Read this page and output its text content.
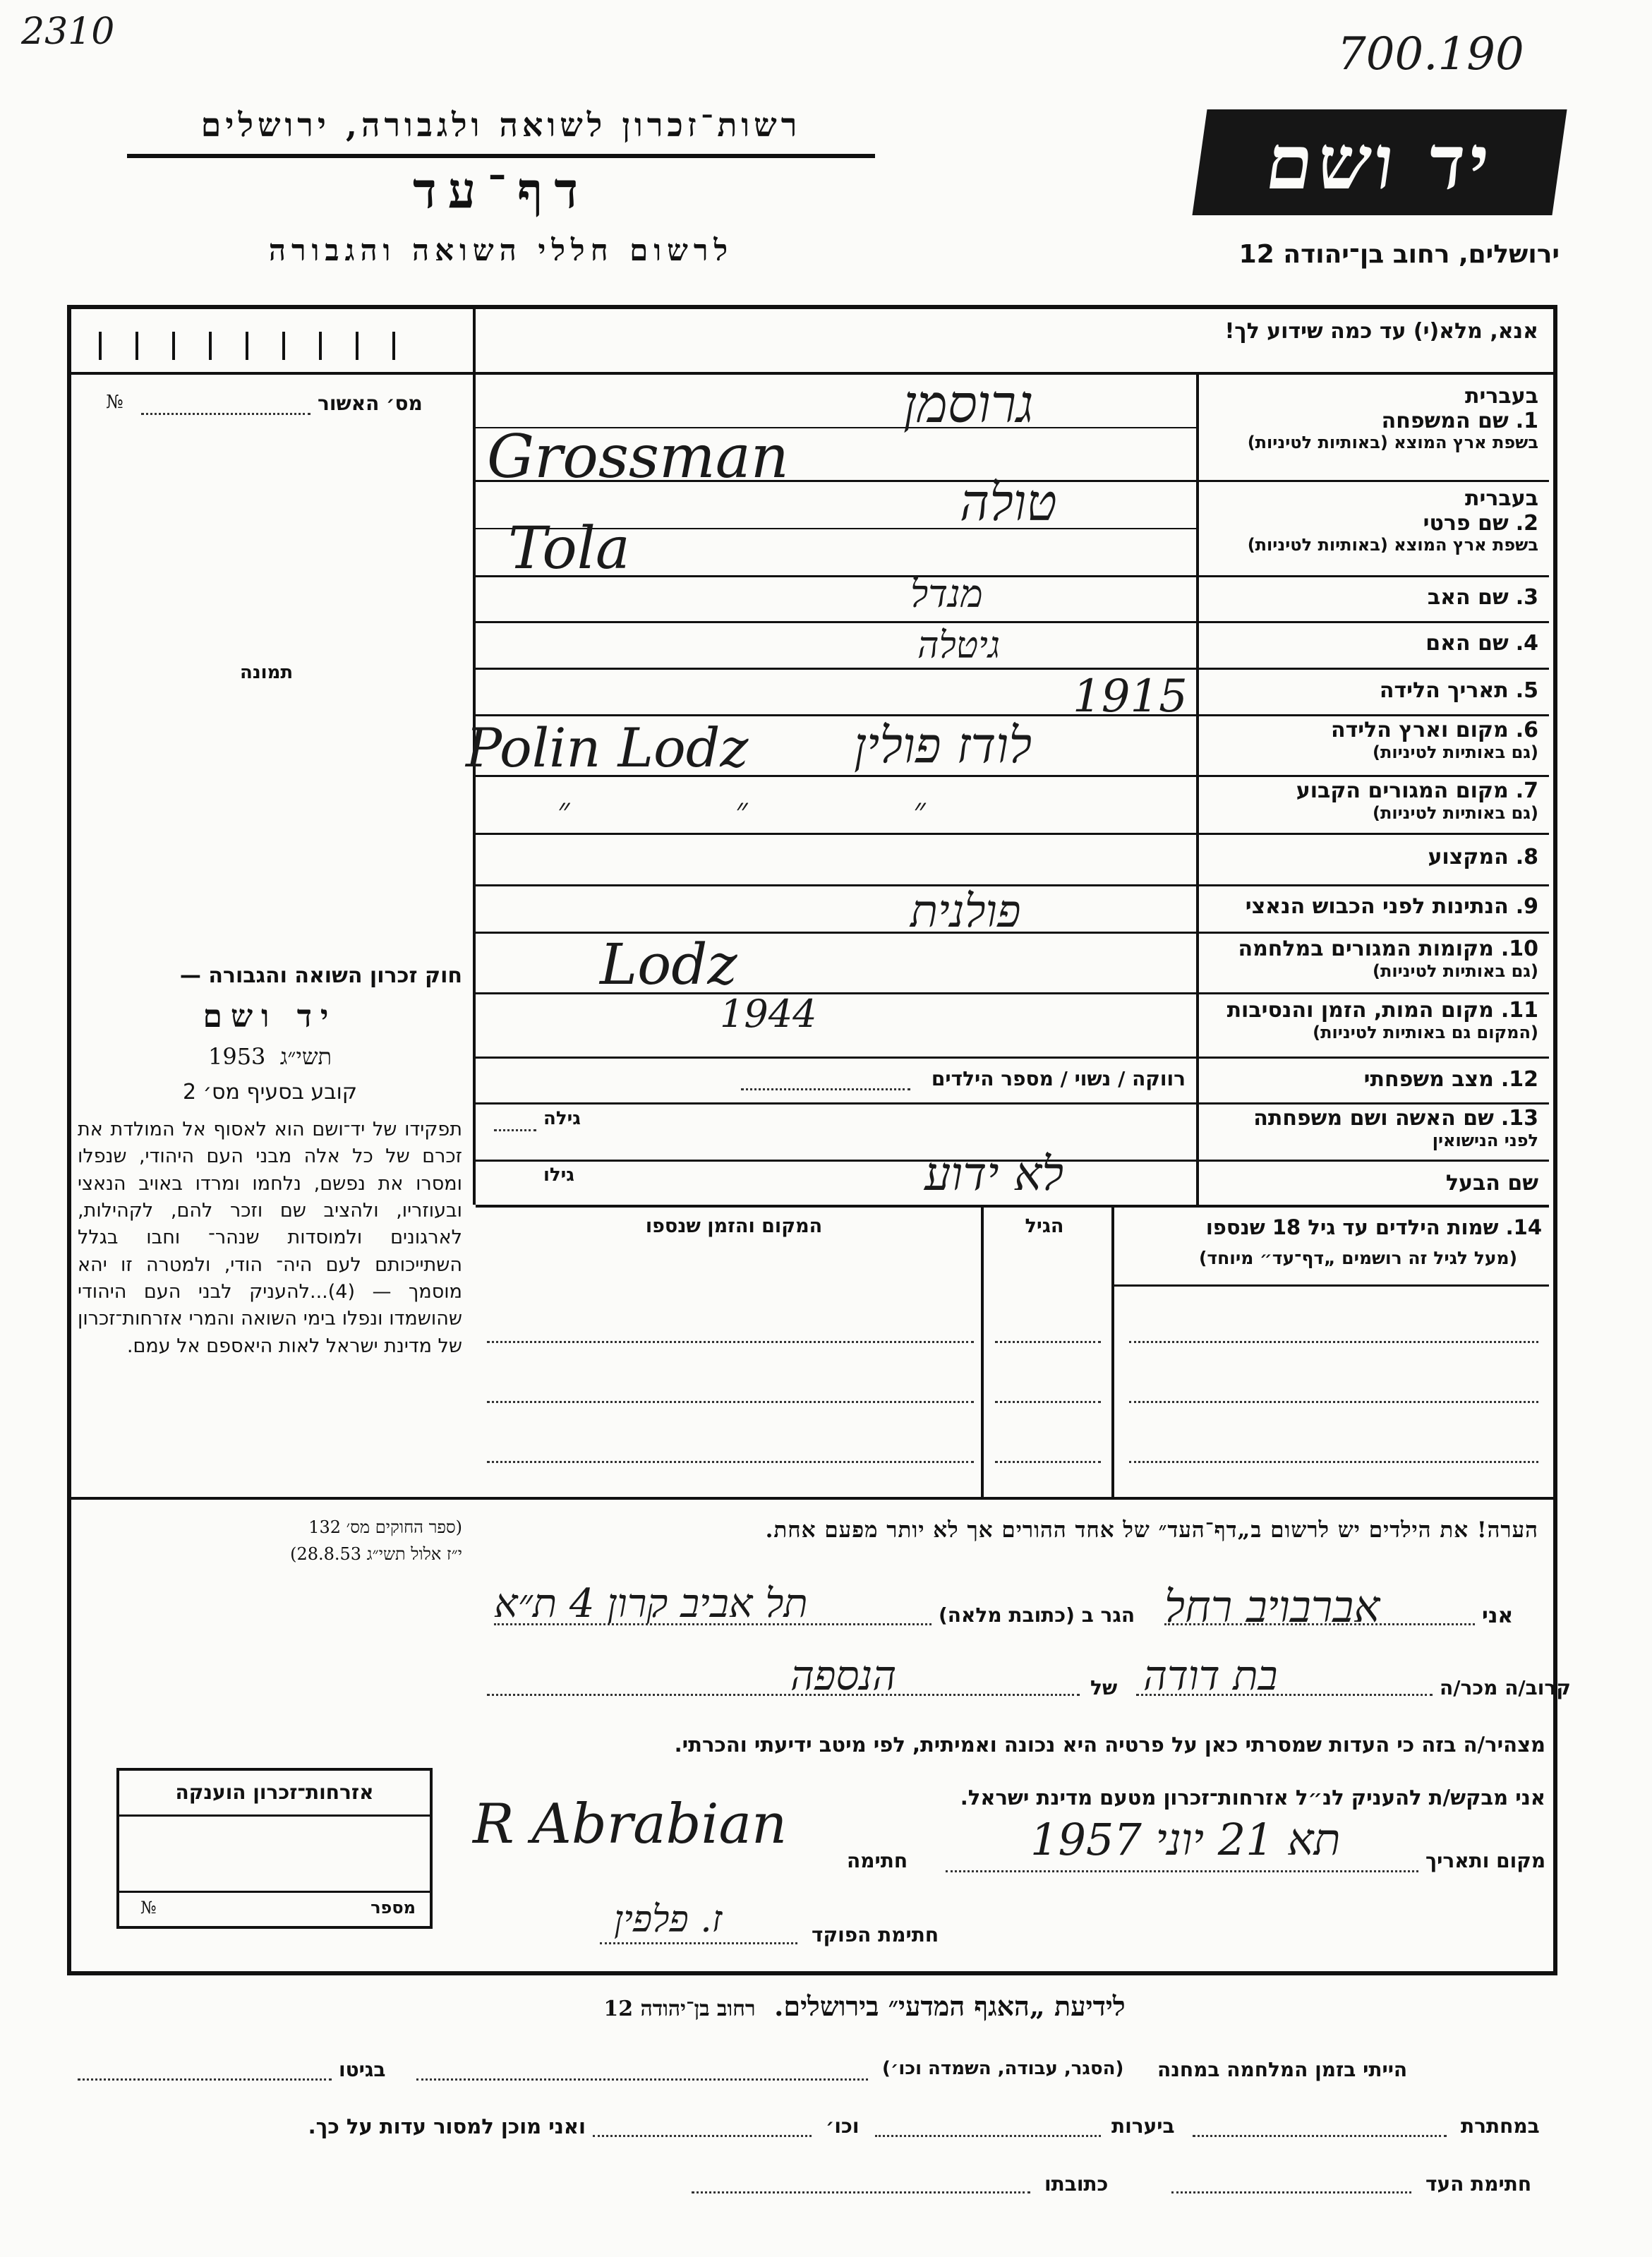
2310	700.190
רשות־זכרון לשואה ולגבורה, ירושלים
דף־עד
לרשום חללי השואה והגבורה
יד ושם
ירושלים, רחוב בן־יהודה 12
אנא, מלא(י) עד כמה שידוע לך!
מס׳ האשור
№
תמונה
חוק זכרון השואה והגבורה —
יד ושם
1953 תשי״ג
קובע בסעיף מס׳ 2
תפקידו של יד־ושם הוא לאסוף אל המולדת את זכרם של כל אלה מבני העם היהודי, שנפלו ומסרו את נפשם, נלחמו ומרדו באויב הנאצי ובעוזריו, ולהציב שם וזכר להם, לקהילות, לארגונים ולמוסדות שנהר־ וחבו בגלל השתייכותם לעם היה־ הודי, ולמטרה זו יהא מוסמך — (4)...להעניק לבני העם היהודי שהושמדו ונפלו בימי השואה והמרי אזרחות־זכרון של מדינת ישראל לאות היאספם אל עמם.
(ספר החוקים מס׳ 132
י״ז אלול תשי״ג 28.8.53)
בעברית
1.שם המשפחה
בשפת ארץ המוצא (באותיות לטיניות)
בעברית
2.שם פרטי
בשפת ארץ המוצא (באותיות לטיניות)
3.שם האב
4.שם האם
5.תאריך הלידה
6.מקום וארץ הלידה
(גם באותיות לטיניות)
7.מקום המגורים הקבוע
(גם באותיות לטיניות)
8.המקצוע
9.הנתינות לפני הכבוש הנאצי
10.מקומות המגורים במלחמה
(גם באותיות לטיניות)
11.מקום המות, הזמן והנסיבות
(המקום גם באותיות לטיניות)
12.מצב משפחתי
13.שם האשה ושם משפחתה
לפני הנישואין
שם הבעל
גרוסמן
Grossman
טולה
Tola
מנדל
גיטלה
1915
לודז פולין
Polin Lodz
״ ״ ״
פולנית
Lodz
1944
רווקה / נשוי / מספר הילדים
גילה
גילו	לא ידוע
14. שמות הילדים עד גיל 18 שנספו
(מעל לגיל זה רושמים „דף־עד״ מיוחד)
הגיל
המקום והזמן שנספו
הערה! את הילדים יש לרשום ב„דף־העד״ של אחד ההורים אך לא יותר מפעם אחת.
אני
אברבויב רחל
הגר ב (כתובת מלאה)
תל אביב קרון 4 ת״א
קרוב/ה מכר/ה
בת דודה
של
הנספה
מצהיר/ה בזה כי העדות שמסרתי כאן על פרטיה היא נכונה ואמיתית, לפי מיטב ידיעתי והכרתי.
אני מבקש/ת להעניק לנ״ל אזרחות־זכרון מטעם מדינת ישראל.
מקום ותאריך
תא 21 יוני 1957
חתימה
R Abrabian
חתימת הפוקד
ז. פלפין
אזרחות־זכרון הוענקה
מספר
№
לידיעת „האגף המדעי״ בירושלים.  רחוב בן־יהודה 12
הייתי בזמן המלחמה במחנה
(הסגר, עבודה, השמדה וכו׳)
בגיטו
במחתרת
ביערות
וכו׳
ואני מוכן למסור עדות על כך.
חתימת העד
כתובתו
